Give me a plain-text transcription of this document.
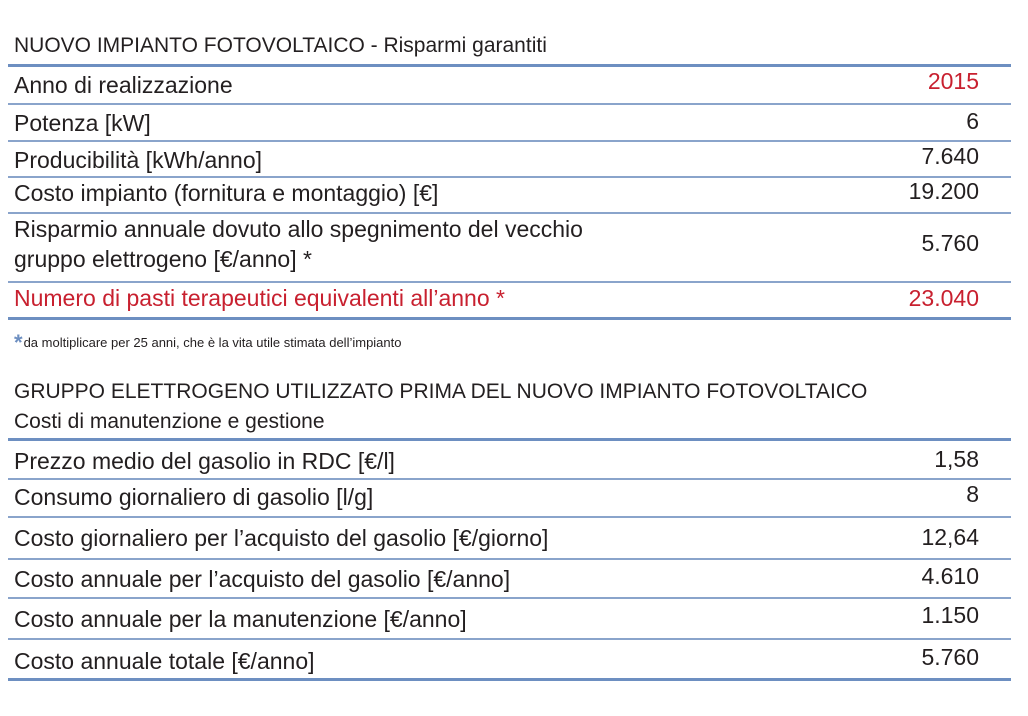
NUOVO IMPIANTO FOTOVOLTAICO - Risparmi garantiti
Anno di realizzazione	2015
Potenza [kW]	6
Producibilità [kWh/anno]	7.640
Costo impianto (fornitura e montaggio) [€]	19.200
Risparmio annuale dovuto allo spegnimento del vecchio
gruppo elettrogeno [€/anno] *
5.760
Numero di pasti terapeutici equivalenti all’anno *	23.040
*da moltiplicare per 25 anni, che è la vita utile stimata dell’impianto
GRUPPO ELETTROGENO UTILIZZATO PRIMA DEL NUOVO IMPIANTO FOTOVOLTAICO
Costi di manutenzione e gestione
Prezzo medio del gasolio in RDC [€/l]	1,58
Consumo giornaliero di gasolio [l/g]	8
Costo giornaliero per l’acquisto del gasolio [€/giorno]	12,64
Costo annuale per l’acquisto del gasolio [€/anno]	4.610
Costo annuale per la manutenzione [€/anno]	1.150
Costo annuale totale [€/anno]	5.760
